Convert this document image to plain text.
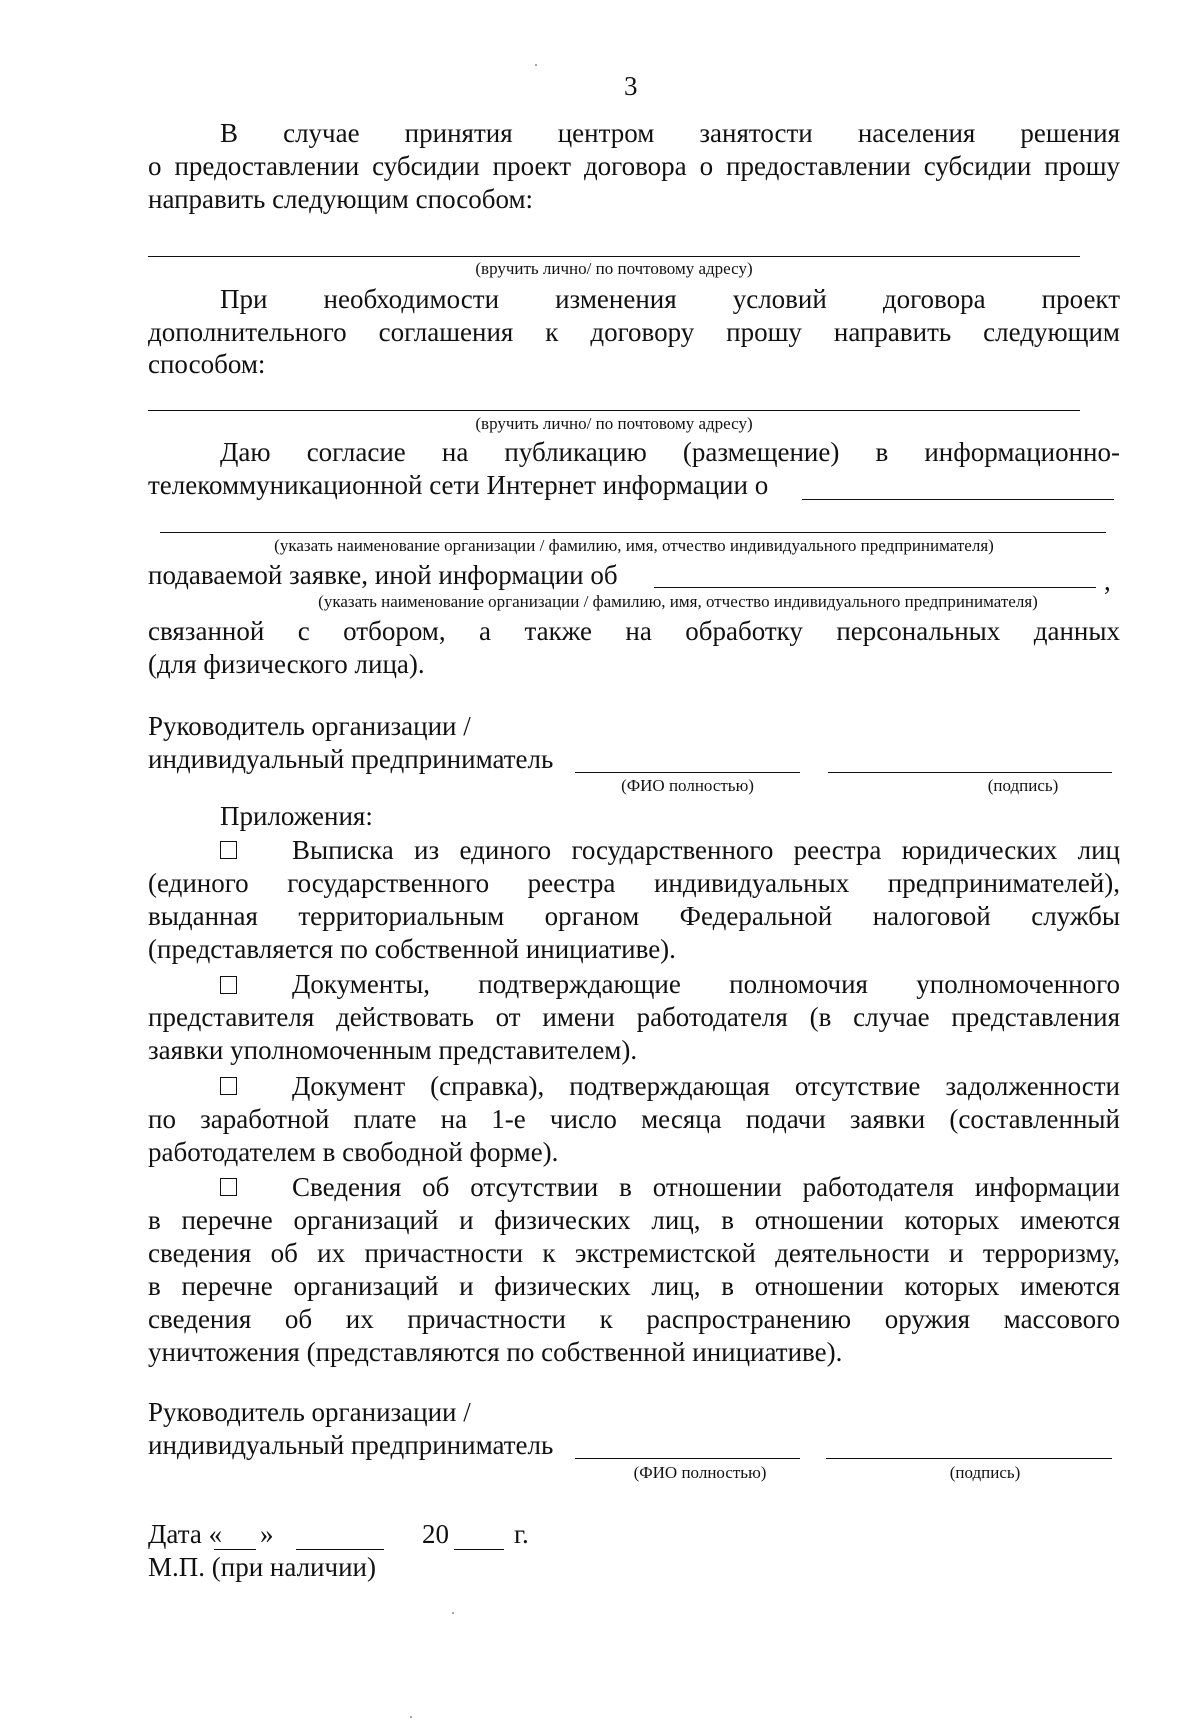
3
В случае принятия центром занятости населения решения
о предоставлении субсидии проект договора о предоставлении субсидии прошу
направить следующим способом:
(вручить лично/ по почтовому адресу)
При необходимости изменения условий договора проект
дополнительного соглашения к договору прошу направить следующим
способом:
(вручить лично/ по почтовому адресу)
Даю согласие на публикацию (размещение) в информационно-
телекоммуникационной сети Интернет информации о
(указать наименование организации / фамилию, имя, отчество индивидуального предпринимателя)
подаваемой заявке, иной информации об	,
(указать наименование организации / фамилию, имя, отчество индивидуального предпринимателя)
связанной с отбором, а также на обработку персональных данных
(для физического лица).
Руководитель организации /
индивидуальный предприниматель
(ФИО полностью)	(подпись)
Приложения:
Выписка из единого государственного реестра юридических лиц
(единого государственного реестра индивидуальных предпринимателей),
выданная территориальным органом Федеральной налоговой службы
(представляется по собственной инициативе).
Документы, подтверждающие полномочия уполномоченного
представителя действовать от имени работодателя (в случае представления
заявки уполномоченным представителем).
Документ (справка), подтверждающая отсутствие задолженности
по заработной плате на 1-е число месяца подачи заявки (составленный
работодателем в свободной форме).
Сведения об отсутствии в отношении работодателя информации
в перечне организаций и физических лиц, в отношении которых имеются
сведения об их причастности к экстремистской деятельности и терроризму,
в перечне организаций и физических лиц, в отношении которых имеются
сведения об их причастности к распространению оружия массового
уничтожения (представляются по собственной инициативе).
Руководитель организации /
индивидуальный предприниматель
(ФИО полностью)	(подпись)
Дата « »	20 г.
М.П. (при наличии)
